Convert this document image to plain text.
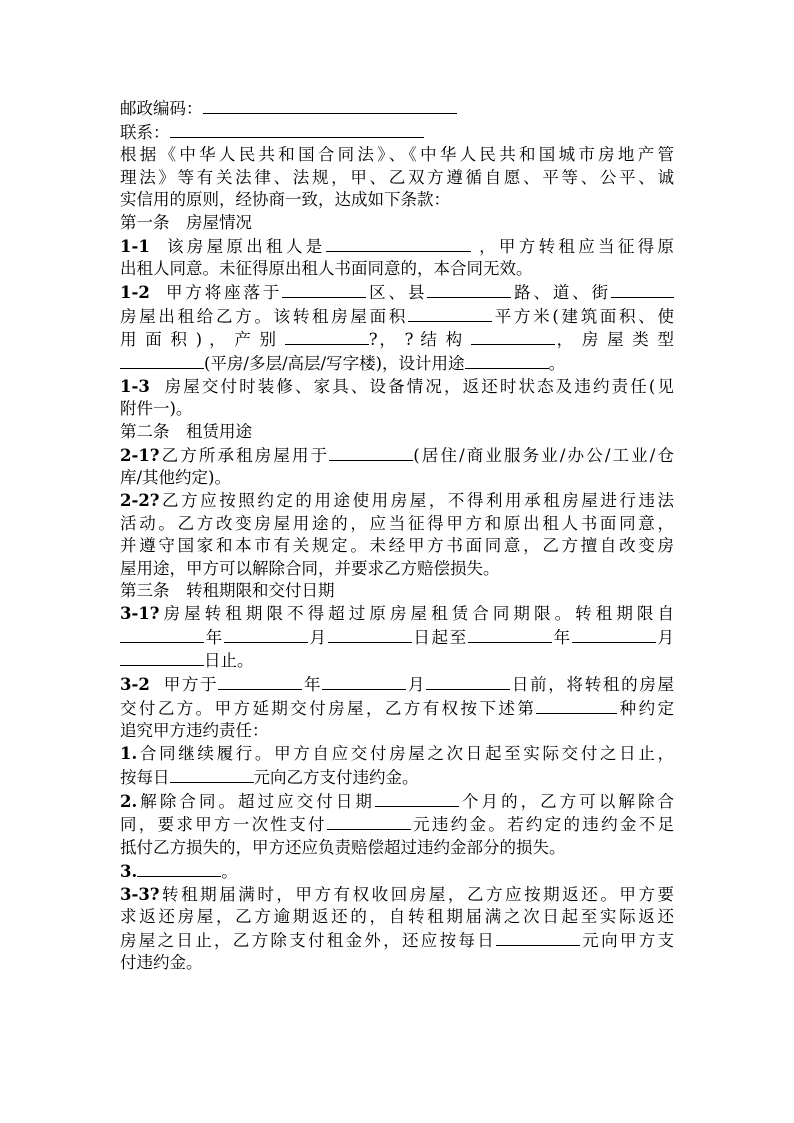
邮政编码：
联系：
根据《中华人民共和国合同法》、《中华人民共和国城市房地产管
理法》等有关法律、法规，甲、乙双方遵循自愿、平等、公平、诚
实信用的原则，经协商一致，达成如下条款：
第一条　房屋情况
1-1 该房屋原出租人是	，甲方转租应当征得原
出租人同意。未征得原出租人书面同意的，本合同无效。
1-2 甲方将座落于	区、县	路、道、街
房屋出租给乙方。该转租房屋面积	平方米(建筑面积、使
用 面 积 ) ， 产 别	?， ? 结 构	， 房 屋 类 型
(平房/多层/高层/写字楼)，设计用途	。
1-3 房屋交付时装修、家具、设备情况，返还时状态及违约责任(见
附件一)。
第二条　租赁用途
2-1?乙方所承租房屋用于	(居住/商业服务业/办公/工业/仓
库/其他约定)。
2-2?乙方应按照约定的用途使用房屋，不得利用承租房屋进行违法
活动。乙方改变房屋用途的，应当征得甲方和原出租人书面同意，
并遵守国家和本市有关规定。未经甲方书面同意，乙方擅自改变房
屋用途，甲方可以解除合同，并要求乙方赔偿损失。
第三条　转租期限和交付日期
3-1?房屋转租期限不得超过原房屋租赁合同期限。转租期限自
年	月	日起至	年	月
日止。
3-2 甲方于	年	月	日前，将转租的房屋
交付乙方。甲方延期交付房屋，乙方有权按下述第	种约定
追究甲方违约责任：
1.合同继续履行。甲方自应交付房屋之次日起至实际交付之日止，
按每日	元向乙方支付违约金。
2.解除合同。超过应交付日期	个月的，乙方可以解除合
同，要求甲方一次性支付	元违约金。若约定的违约金不足
抵付乙方损失的，甲方还应负责赔偿超过违约金部分的损失。
3.	。
3-3?转租期届满时，甲方有权收回房屋，乙方应按期返还。甲方要
求返还房屋，乙方逾期返还的，自转租期届满之次日起至实际返还
房屋之日止，乙方除支付租金外，还应按每日	元向甲方支
付违约金。
